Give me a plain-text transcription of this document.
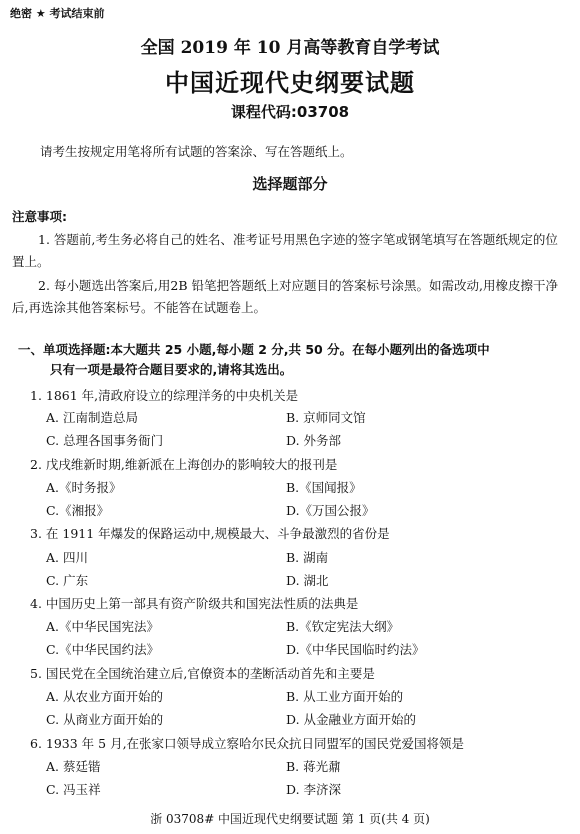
绝密 ★ 考试结束前
全国 2019 年 10 月高等教育自学考试
中国近现代史纲要试题
课程代码:03708
请考生按规定用笔将所有试题的答案涂、写在答题纸上。
选择题部分
注意事项:
1. 答题前,考生务必将自己的姓名、准考证号用黑色字迹的签字笔或钢笔填写在答题纸规定的位置上。
2. 每小题选出答案后,用2B 铅笔把答题纸上对应题目的答案标号涂黑。如需改动,用橡皮擦干净后,再选涂其他答案标号。不能答在试题卷上。
一、单项选择题:本大题共 25 小题,每小题 2 分,共 50 分。在每小题列出的备选项中
只有一项是最符合题目要求的,请将其选出。
1. 1861 年,清政府设立的综理洋务的中央机关是
A. 江南制造总局	B. 京师同文馆
C. 总理各国事务衙门	D. 外务部
2. 戊戌维新时期,维新派在上海创办的影响较大的报刊是
A.《时务报》	B.《国闻报》
C.《湘报》	D.《万国公报》
3. 在 1911 年爆发的保路运动中,规模最大、斗争最激烈的省份是
A. 四川	B. 湖南
C. 广东	D. 湖北
4. 中国历史上第一部具有资产阶级共和国宪法性质的法典是
A.《中华民国宪法》	B.《钦定宪法大纲》
C.《中华民国约法》	D.《中华民国临时约法》
5. 国民党在全国统治建立后,官僚资本的垄断活动首先和主要是
A. 从农业方面开始的	B. 从工业方面开始的
C. 从商业方面开始的	D. 从金融业方面开始的
6. 1933 年 5 月,在张家口领导成立察哈尔民众抗日同盟军的国民党爱国将领是
A. 蔡廷锴	B. 蒋光鼐
C. 冯玉祥	D. 李济深
浙 03708# 中国近现代史纲要试题 第 1 页(共 4 页)
